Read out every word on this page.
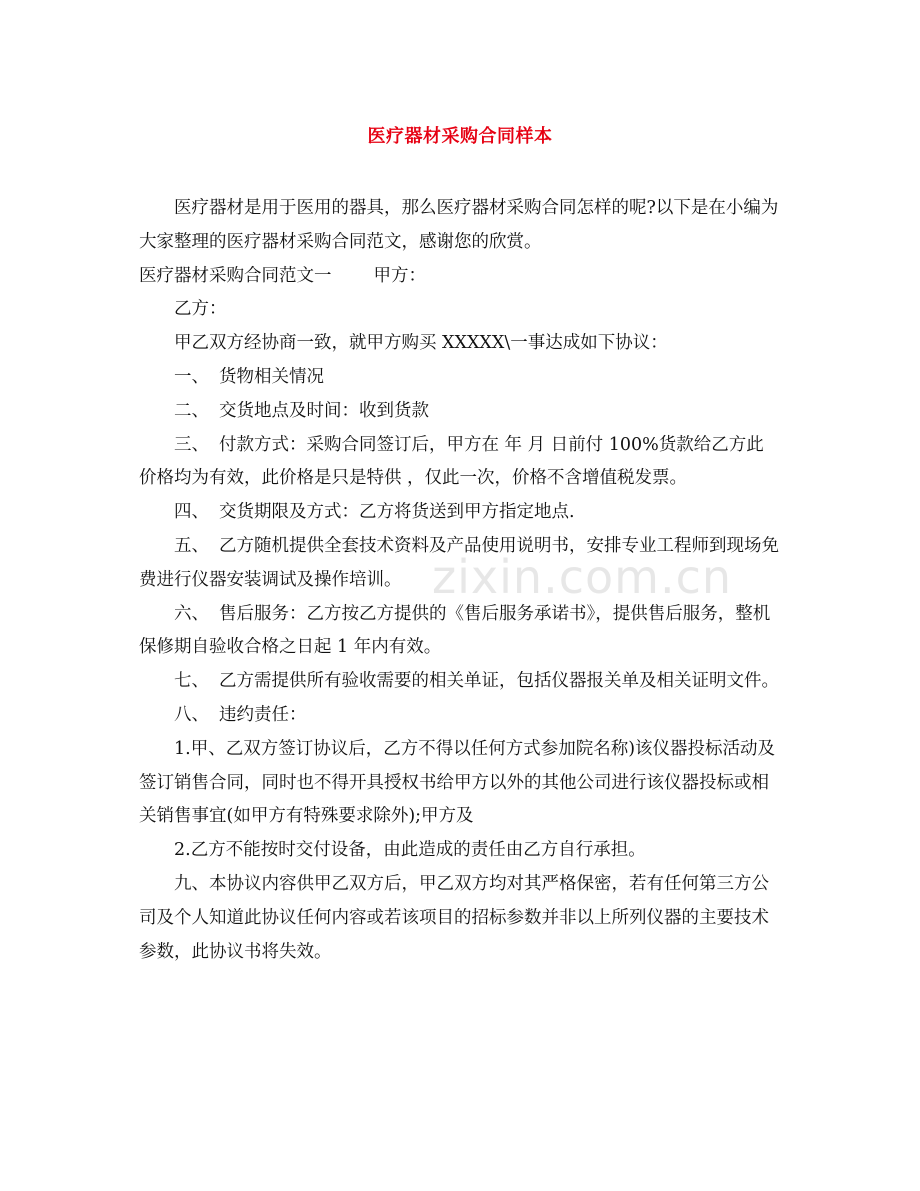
医疗器材采购合同样本

医疗器材是用于医用的器具，那么医疗器材采购合同怎样的呢?以下是在小编为大家整理的医疗器材采购合同范文，感谢您的欣赏。

医疗器材采购合同范文一 甲方：

乙方：

甲乙双方经协商一致，就甲方购买 XXXXX\一事达成如下协议：

一、 货物相关情况

二、 交货地点及时间：收到货款

三、 付款方式：采购合同签订后，甲方在 年 月 日前付 100%货款给乙方此价格均为有效，此价格是只是特供 ，仅此一次，价格不含增值税发票。

四、 交货期限及方式：乙方将货送到甲方指定地点.

五、 乙方随机提供全套技术资料及产品使用说明书，安排专业工程师到现场免费进行仪器安装调试及操作培训。

六、 售后服务：乙方按乙方提供的《售后服务承诺书》，提供售后服务，整机保修期自验收合格之日起 1 年内有效。

七、 乙方需提供所有验收需要的相关单证，包括仪器报关单及相关证明文件。

八、 违约责任：

1.甲、乙双方签订协议后，乙方不得以任何方式参加院名称)该仪器投标活动及签订销售合同，同时也不得开具授权书给甲方以外的其他公司进行该仪器投标或相关销售事宜(如甲方有特殊要求除外);甲方及

2.乙方不能按时交付设备，由此造成的责任由乙方自行承担。

九、本协议内容供甲乙双方后，甲乙双方均对其严格保密，若有任何第三方公司及个人知道此协议任何内容或若该项目的招标参数并非以上所列仪器的主要技术参数，此协议书将失效。

zixin.com.cn
